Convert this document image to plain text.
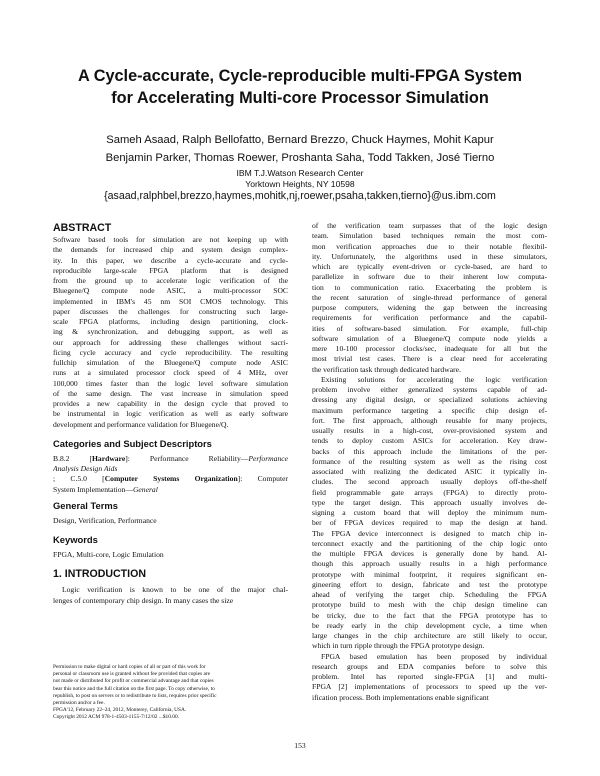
A Cycle-accurate, Cycle-reproducible multi-FPGA System
for Accelerating Multi-core Processor Simulation
Sameh Asaad, Ralph Bellofatto, Bernard Brezzo, Chuck Haymes, Mohit Kapur
Benjamin Parker, Thomas Roewer, Proshanta Saha, Todd Takken, José Tierno
IBM T.J.Watson Research Center
Yorktown Heights, NY 10598
{asaad,ralphbel,brezzo,haymes,mohitk,nj,roewer,psaha,takken,tierno}@us.ibm.com
ABSTRACT
Software based tools for simulation are not keeping up with
the demands for increased chip and system design complex-
ity. In this paper, we describe a cycle-accurate and cycle-
reproducible large-scale FPGA platform that is designed
from the ground up to accelerate logic verification of the
Bluegene/Q compute node ASIC, a multi-processor SOC
implemented in IBM's 45 nm SOI CMOS technology. This
paper discusses the challenges for constructing such large-
scale FPGA platforms, including design partitioning, clock-
ing & synchronization, and debugging support, as well as
our approach for addressing these challenges without sacri-
ficing cycle accuracy and cycle reproducibility. The resulting
fullchip simulation of the Bluegene/Q compute node ASIC
runs at a simulated processor clock speed of 4 MHz, over
100,000 times faster than the logic level software simulation
of the same design. The vast increase in simulation speed
provides a new capability in the design cycle that proved to
be instrumental in logic verification as well as early software
development and performance validation for Bluegene/Q.
Categories and Subject Descriptors
B.8.2 [Hardware]: Performance Reliability—Performance
Analysis Design Aids
; C.5.0 [Computer Systems Organization]: Computer
System Implementation—General
General Terms
Design, Verification, Performance
Keywords
FPGA, Multi-core, Logic Emulation
1. INTRODUCTION
Logic verification is known to be one of the major chal-
lenges of contemporary chip design. In many cases the size
Permission to make digital or hard copies of all or part of this work for
personal or classroom use is granted without fee provided that copies are
not made or distributed for profit or commercial advantage and that copies
bear this notice and the full citation on the first page. To copy otherwise, to
republish, to post on servers or to redistribute to lists, requires prior specific
permission and/or a fee.
FPGA'12, February 22–24, 2012, Monterey, California, USA.
Copyright 2012 ACM 978-1-4503-1155-7/12/02 ...$10.00.
of the verification team surpasses that of the logic design
team. Simulation based techniques remain the most com-
mon verification approaches due to their notable flexibil-
ity. Unfortunately, the algorithms used in these simulators,
which are typically event-driven or cycle-based, are hard to
parallelize in software due to their inherent low computa-
tion to communication ratio. Exacerbating the problem is
the recent saturation of single-thread performance of general
purpose computers, widening the gap between the increasing
requirements for verification performance and the capabil-
ities of software-based simulation. For example, full-chip
software simulation of a Bluegene/Q compute node yields a
mere 10-100 processor clocks/sec, inadequate for all but the
most trivial test cases. There is a clear need for accelerating
the verification task through dedicated hardware.
Existing solutions for accelerating the logic verification
problem involve either generalized systems capable of ad-
dressing any digital design, or specialized solutions achieving
maximum performance targeting a specific chip design ef-
fort. The first approach, although reusable for many projects,
usually results in a high-cost, over-provisioned system and
tends to deploy custom ASICs for acceleration. Key draw-
backs of this approach include the limitations of the per-
formance of the resulting system as well as the rising cost
associated with realizing the dedicated ASIC it typically in-
cludes. The second approach usually deploys off-the-shelf
field programmable gate arrays (FPGA) to directly proto-
type the target design. This approach usually involves de-
signing a custom board that will deploy the minimum num-
ber of FPGA devices required to map the design at hand.
The FPGA device interconnect is designed to match chip in-
terconnect exactly and the partitioning of the chip logic onto
the multiple FPGA devices is generally done by hand. Al-
though this approach usually results in a high performance
prototype with minimal footprint, it requires significant en-
gineering effort to design, fabricate and test the prototype
ahead of verifying the target chip. Scheduling the FPGA
prototype build to mesh with the chip design timeline can
be tricky, due to the fact that the FPGA prototype has to
be ready early in the chip development cycle, a time when
large changes in the chip architecture are still likely to occur,
which in turn ripple through the FPGA prototype design.
FPGA based emulation has been proposed by individual
research groups and EDA companies before to solve this
problem. Intel has reported single-FPGA [1] and multi-
FPGA [2] implementations of processors to speed up the ver-
ification process. Both implementations enable significant
153
